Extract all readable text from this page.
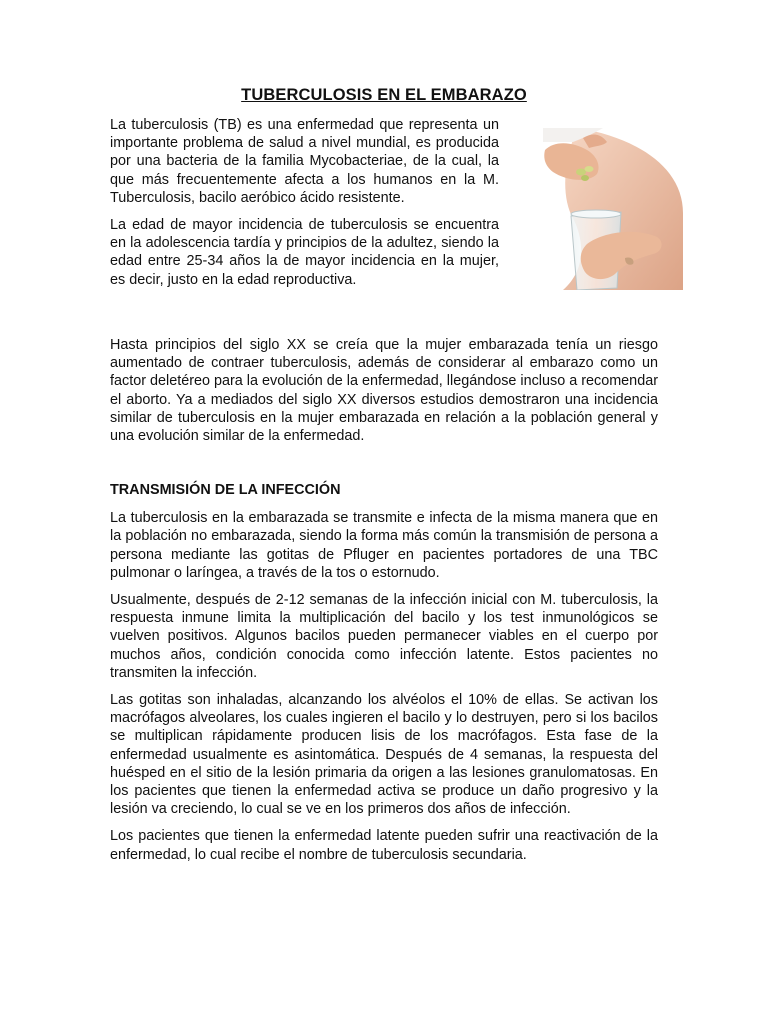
TUBERCULOSIS EN EL EMBARAZO

La tuberculosis (TB) es una enfermedad que representa un importante problema de salud a nivel mundial, es producida por una bacteria de la familia Mycobacteriae, de la cual, la que más frecuentemente afecta a los humanos en la M. Tuberculosis, bacilo aeróbico ácido resistente.

La edad de mayor incidencia de tuberculosis se encuentra en la adolescencia tardía y principios de la adultez, siendo la edad entre 25-34 años la de mayor incidencia en la mujer, es decir, justo en la edad reproductiva.

Hasta principios del siglo XX se creía que la mujer embarazada tenía un riesgo aumentado de contraer tuberculosis, además de considerar al embarazo como un factor deletéreo para la evolución de la enfermedad, llegándose incluso a recomendar el aborto. Ya a mediados del siglo XX diversos estudios demostraron una incidencia similar de tuberculosis en la mujer embarazada en relación a la población general y una evolución similar de la enfermedad.

TRANSMISIÓN DE LA INFECCIÓN

La tuberculosis en la embarazada se transmite e infecta de la misma manera que en la población no embarazada, siendo la forma más común la transmisión de persona a persona mediante las gotitas de Pfluger en pacientes portadores de una TBC pulmonar o laríngea, a través de la tos o estornudo.

Usualmente, después de 2-12 semanas de la infección inicial con M. tuberculosis, la respuesta inmune limita la multiplicación del bacilo y los test inmunológicos se vuelven positivos. Algunos bacilos pueden permanecer viables en el cuerpo por muchos años, condición conocida como infección latente. Estos pacientes no transmiten la infección.

Las gotitas son inhaladas, alcanzando los alvéolos el 10% de ellas. Se activan los macrófagos alveolares, los cuales ingieren el bacilo y lo destruyen, pero si los bacilos se multiplican rápidamente producen lisis de los macrófagos. Esta fase de la enfermedad usualmente es asintomática. Después de 4 semanas, la respuesta del huésped en el sitio de la lesión primaria da origen a las lesiones granulomatosas. En los pacientes que tienen la enfermedad activa se produce un daño progresivo y la lesión va creciendo, lo cual se ve en los primeros dos años de infección.

Los pacientes que tienen la enfermedad latente pueden sufrir una reactivación de la enfermedad, lo cual recibe el nombre de tuberculosis secundaria.
